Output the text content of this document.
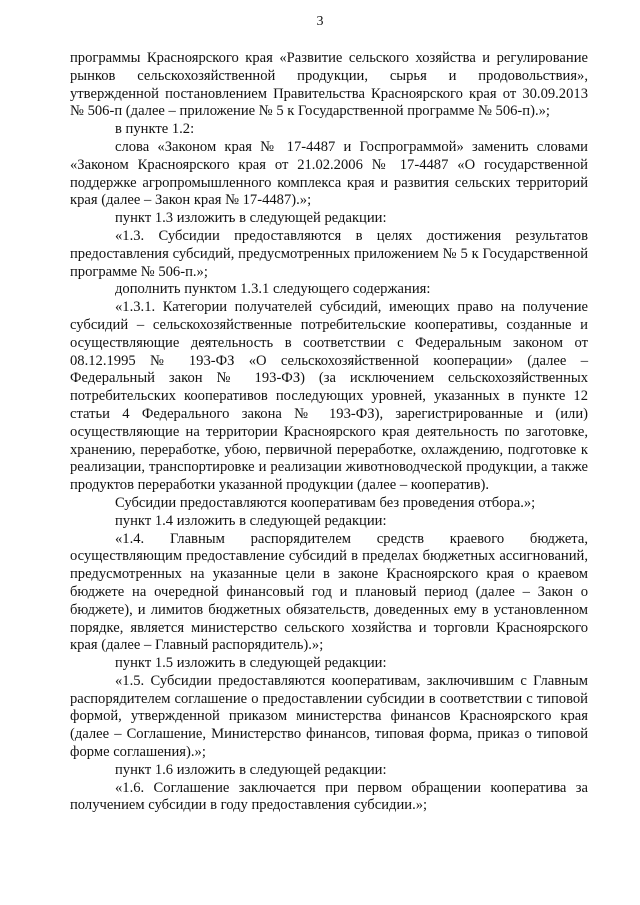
3

программы Красноярского края «Развитие сельского хозяйства и регулирование рынков сельскохозяйственной продукции, сырья и продовольствия», утвержденной постановлением Правительства Красноярского края от 30.09.2013 № 506-п (далее – приложение № 5 к Государственной программе № 506-п).»;

в пункте 1.2:

слова «Законом края № 17-4487 и Госпрограммой» заменить словами «Законом Красноярского края от 21.02.2006 № 17-4487 «О государственной поддержке агропромышленного комплекса края и развития сельских территорий края (далее – Закон края № 17-4487).»;

пункт 1.3 изложить в следующей редакции:

«1.3. Субсидии предоставляются в целях достижения результатов предоставления субсидий, предусмотренных приложением № 5 к Государственной программе № 506-п.»;

дополнить пунктом 1.3.1 следующего содержания:

«1.3.1. Категории получателей субсидий, имеющих право на получение субсидий – сельскохозяйственные потребительские кооперативы, созданные и осуществляющие деятельность в соответствии с Федеральным законом от 08.12.1995 № 193-ФЗ «О сельскохозяйственной кооперации» (далее – Федеральный закон № 193-ФЗ) (за исключением сельскохозяйственных потребительских кооперативов последующих уровней, указанных в пункте 12 статьи 4 Федерального закона № 193-ФЗ), зарегистрированные и (или) осуществляющие на территории Красноярского края деятельность по заготовке, хранению, переработке, убою, первичной переработке, охлаждению, подготовке к реализации, транспортировке и реализации животноводческой продукции, а также продуктов переработки указанной продукции (далее – кооператив).

Субсидии предоставляются кооперативам без проведения отбора.»;

пункт 1.4 изложить в следующей редакции:

«1.4. Главным распорядителем средств краевого бюджета, осуществляющим предоставление субсидий в пределах бюджетных ассигнований, предусмотренных на указанные цели в законе Красноярского края о краевом бюджете на очередной финансовый год и плановый период (далее – Закон о бюджете), и лимитов бюджетных обязательств, доведенных ему в установленном порядке, является министерство сельского хозяйства и торговли Красноярского края (далее – Главный распорядитель).»;

пункт 1.5 изложить в следующей редакции:

«1.5. Субсидии предоставляются кооперативам, заключившим с Главным распорядителем соглашение о предоставлении субсидии в соответствии с типовой формой, утвержденной приказом министерства финансов Красноярского края (далее – Соглашение, Министерство финансов, типовая форма, приказ о типовой форме соглашения).»;

пункт 1.6 изложить в следующей редакции:

«1.6. Соглашение заключается при первом обращении кооператива за получением субсидии в году предоставления субсидии.»;
